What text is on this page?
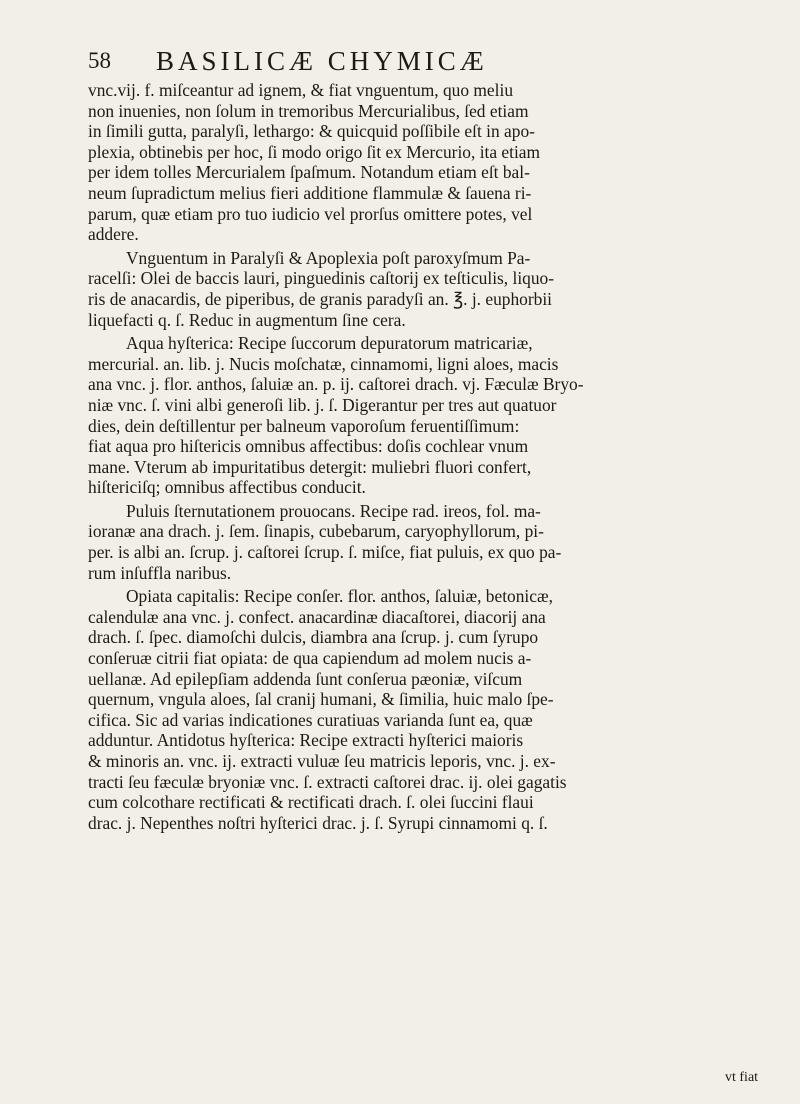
58 BASILICÆ CHYMICÆ
vnc.vij. f. miſceantur ad ignem, & fiat vnguentum, quo meliu
non inuenies, non ſolum in tremoribus Mercurialibus, ſed etiam
in ſimili gutta, paralyſi, lethargo: & quicquid poſſibile eſt in apo-
plexia, obtinebis per hoc, ſi modo origo ſit ex Mercurio, ita etiam
per idem tolles Mercurialem ſpaſmum. Notandum etiam eſt bal-
neum ſupradictum melius fieri additione flammulæ & ſauena ri-
parum, quæ etiam pro tuo iudicio vel prorſus omittere potes, vel
addere.
Vnguentum in Paralyſi & Apoplexia poſt paroxyſmum Pa-
racelſi: Olei de baccis lauri, pinguedinis caſtorij ex teſticulis, liquo-
ris de anacardis, de piperibus, de granis paradyſi an. ℥. j. euphorbii
liquefacti q. ſ. Reduc in augmentum ſine cera.
Aqua hyſterica: Recipe ſuccorum depuratorum matricariæ,
mercurial. an. lib. j. Nucis moſchatæ, cinnamomi, ligni aloes, macis
ana vnc. j. flor. anthos, ſaluiæ an. p. ij. caſtorei drach. vj. Fæculæ Bryo-
niæ vnc. ſ. vini albi generoſi lib. j. ſ. Digerantur per tres aut quatuor
dies, dein deſtillentur per balneum vaporoſum feruentiſſimum:
fiat aqua pro hiſtericis omnibus affectibus: doſis cochlear vnum
mane. Vterum ab impuritatibus detergit: muliebri fluori confert,
hiſtericiſq; omnibus affectibus conducit.
Puluis ſternutationem prouocans. Recipe rad. ireos, fol. ma-
ioranæ ana drach. j. ſem. ſinapis, cubebarum, caryophyllorum, pi-
per. is albi an. ſcrup. j. caſtorei ſcrup. ſ. miſce, fiat puluis, ex quo pa-
rum inſuffla naribus.
Opiata capitalis: Recipe conſer. flor. anthos, ſaluiæ, betonicæ,
calendulæ ana vnc. j. confect. anacardinæ diacaſtorei, diacorij ana
drach. ſ. ſpec. diamoſchi dulcis, diambra ana ſcrup. j. cum ſyrupo
conſeruæ citrii fiat opiata: de qua capiendum ad molem nucis a-
uellanæ. Ad epilepſiam addenda ſunt conſerua pæoniæ, viſcum
quernum, vngula aloes, ſal cranij humani, & ſimilia, huic malo ſpe-
cifica. Sic ad varias indicationes curatiuas varianda ſunt ea, quæ
adduntur. Antidotus hyſterica: Recipe extracti hyſterici maioris
& minoris an. vnc. ij. extracti vuluæ ſeu matricis leporis, vnc. j. ex-
tracti ſeu fæculæ bryoniæ vnc. ſ. extracti caſtorei drac. ij. olei gagatis
cum colcothare rectificati & rectificati drach. ſ. olei ſuccini flaui
drac. j. Nepenthes noſtri hyſterici drac. j. ſ. Syrupi cinnamomi q. ſ.
vt fiat
